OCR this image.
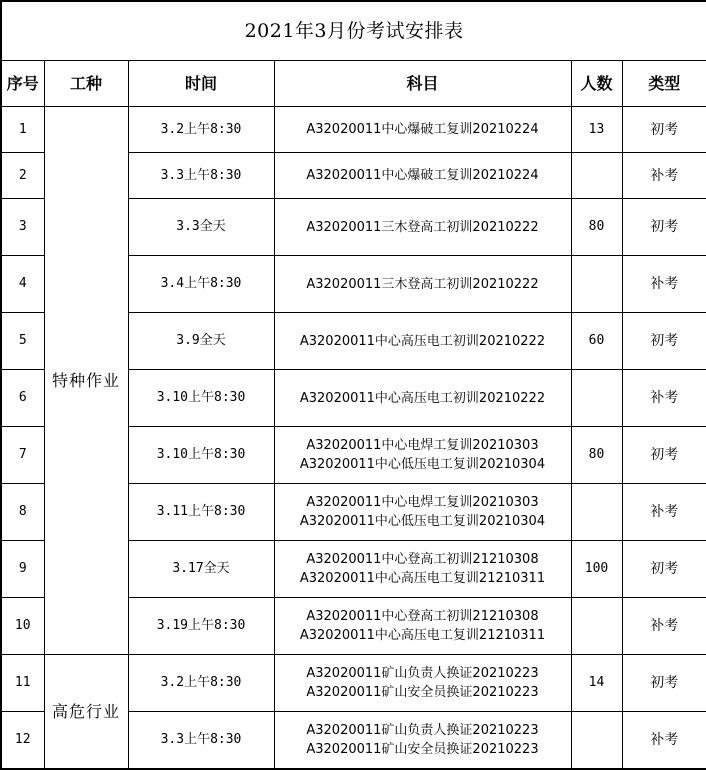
2021年3月份考试安排表					
序号	工种	时间	科目	人数	类型
1	特种作业	3.2上午8:30	A32020011中心爆破工复训20210224	13	初考
2		3.3上午8:30	A32020011中心爆破工复训20210224		补考
3		3.3全天	A32020011三木登高工初训20210222	80	初考
4		3.4上午8:30	A32020011三木登高工初训20210222		补考
5		3.9全天	A32020011中心高压电工初训20210222	60	初考
6		3.10上午8:30	A32020011中心高压电工初训20210222		补考
7		3.10上午8:30	A32020011中心电焊工复训20210303
A32020011中心低压电工复训20210304	80	初考
8		3.11上午8:30	A32020011中心电焊工复训20210303
A32020011中心低压电工复训20210304		补考
9		3.17全天	A32020011中心登高工初训21210308
A32020011中心高压电工复训21210311	100	初考
10		3.19上午8:30	A32020011中心登高工初训21210308
A32020011中心高压电工复训21210311		补考
11	高危行业	3.2上午8:30	A32020011矿山负责人换证20210223
A32020011矿山安全员换证20210223	14	初考
12		3.3上午8:30	A32020011矿山负责人换证20210223
A32020011矿山安全员换证20210223		补考
